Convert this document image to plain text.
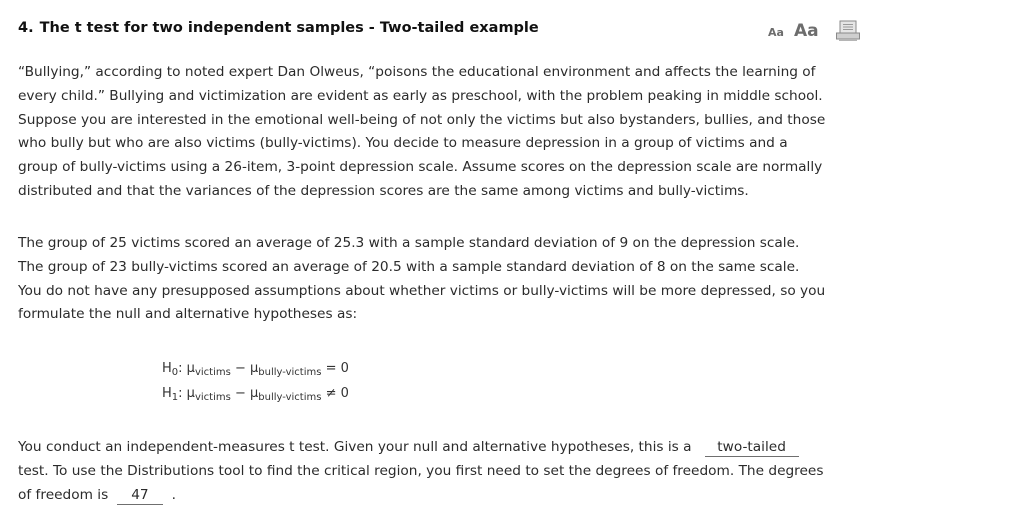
4. The t test for two independent samples - Two-tailed example	Aa Aa

“Bullying,” according to noted expert Dan Olweus, “poisons the educational environment and affects the learning of
every child.” Bullying and victimization are evident as early as preschool, with the problem peaking in middle school.
Suppose you are interested in the emotional well-being of not only the victims but also bystanders, bullies, and those
who bully but who are also victims (bully-victims). You decide to measure depression in a group of victims and a
group of bully-victims using a 26-item, 3-point depression scale. Assume scores on the depression scale are normally
distributed and that the variances of the depression scores are the same among victims and bully-victims.

The group of 25 victims scored an average of 25.3 with a sample standard deviation of 9 on the depression scale.
The group of 23 bully-victims scored an average of 20.5 with a sample standard deviation of 8 on the same scale.
You do not have any presupposed assumptions about whether victims or bully-victims will be more depressed, so you
formulate the null and alternative hypotheses as:

$H_0$: $\mu_{victims} - \mu_{bully-victims} = 0$
$H_1$: $\mu_{victims} - \mu_{bully-victims} \ne 0$

You conduct an independent-measures t test. Given your null and alternative hypotheses, this is a two-tailed
test. To use the Distributions tool to find the critical region, you first need to set the degrees of freedom. The degrees
of freedom is 47 .
